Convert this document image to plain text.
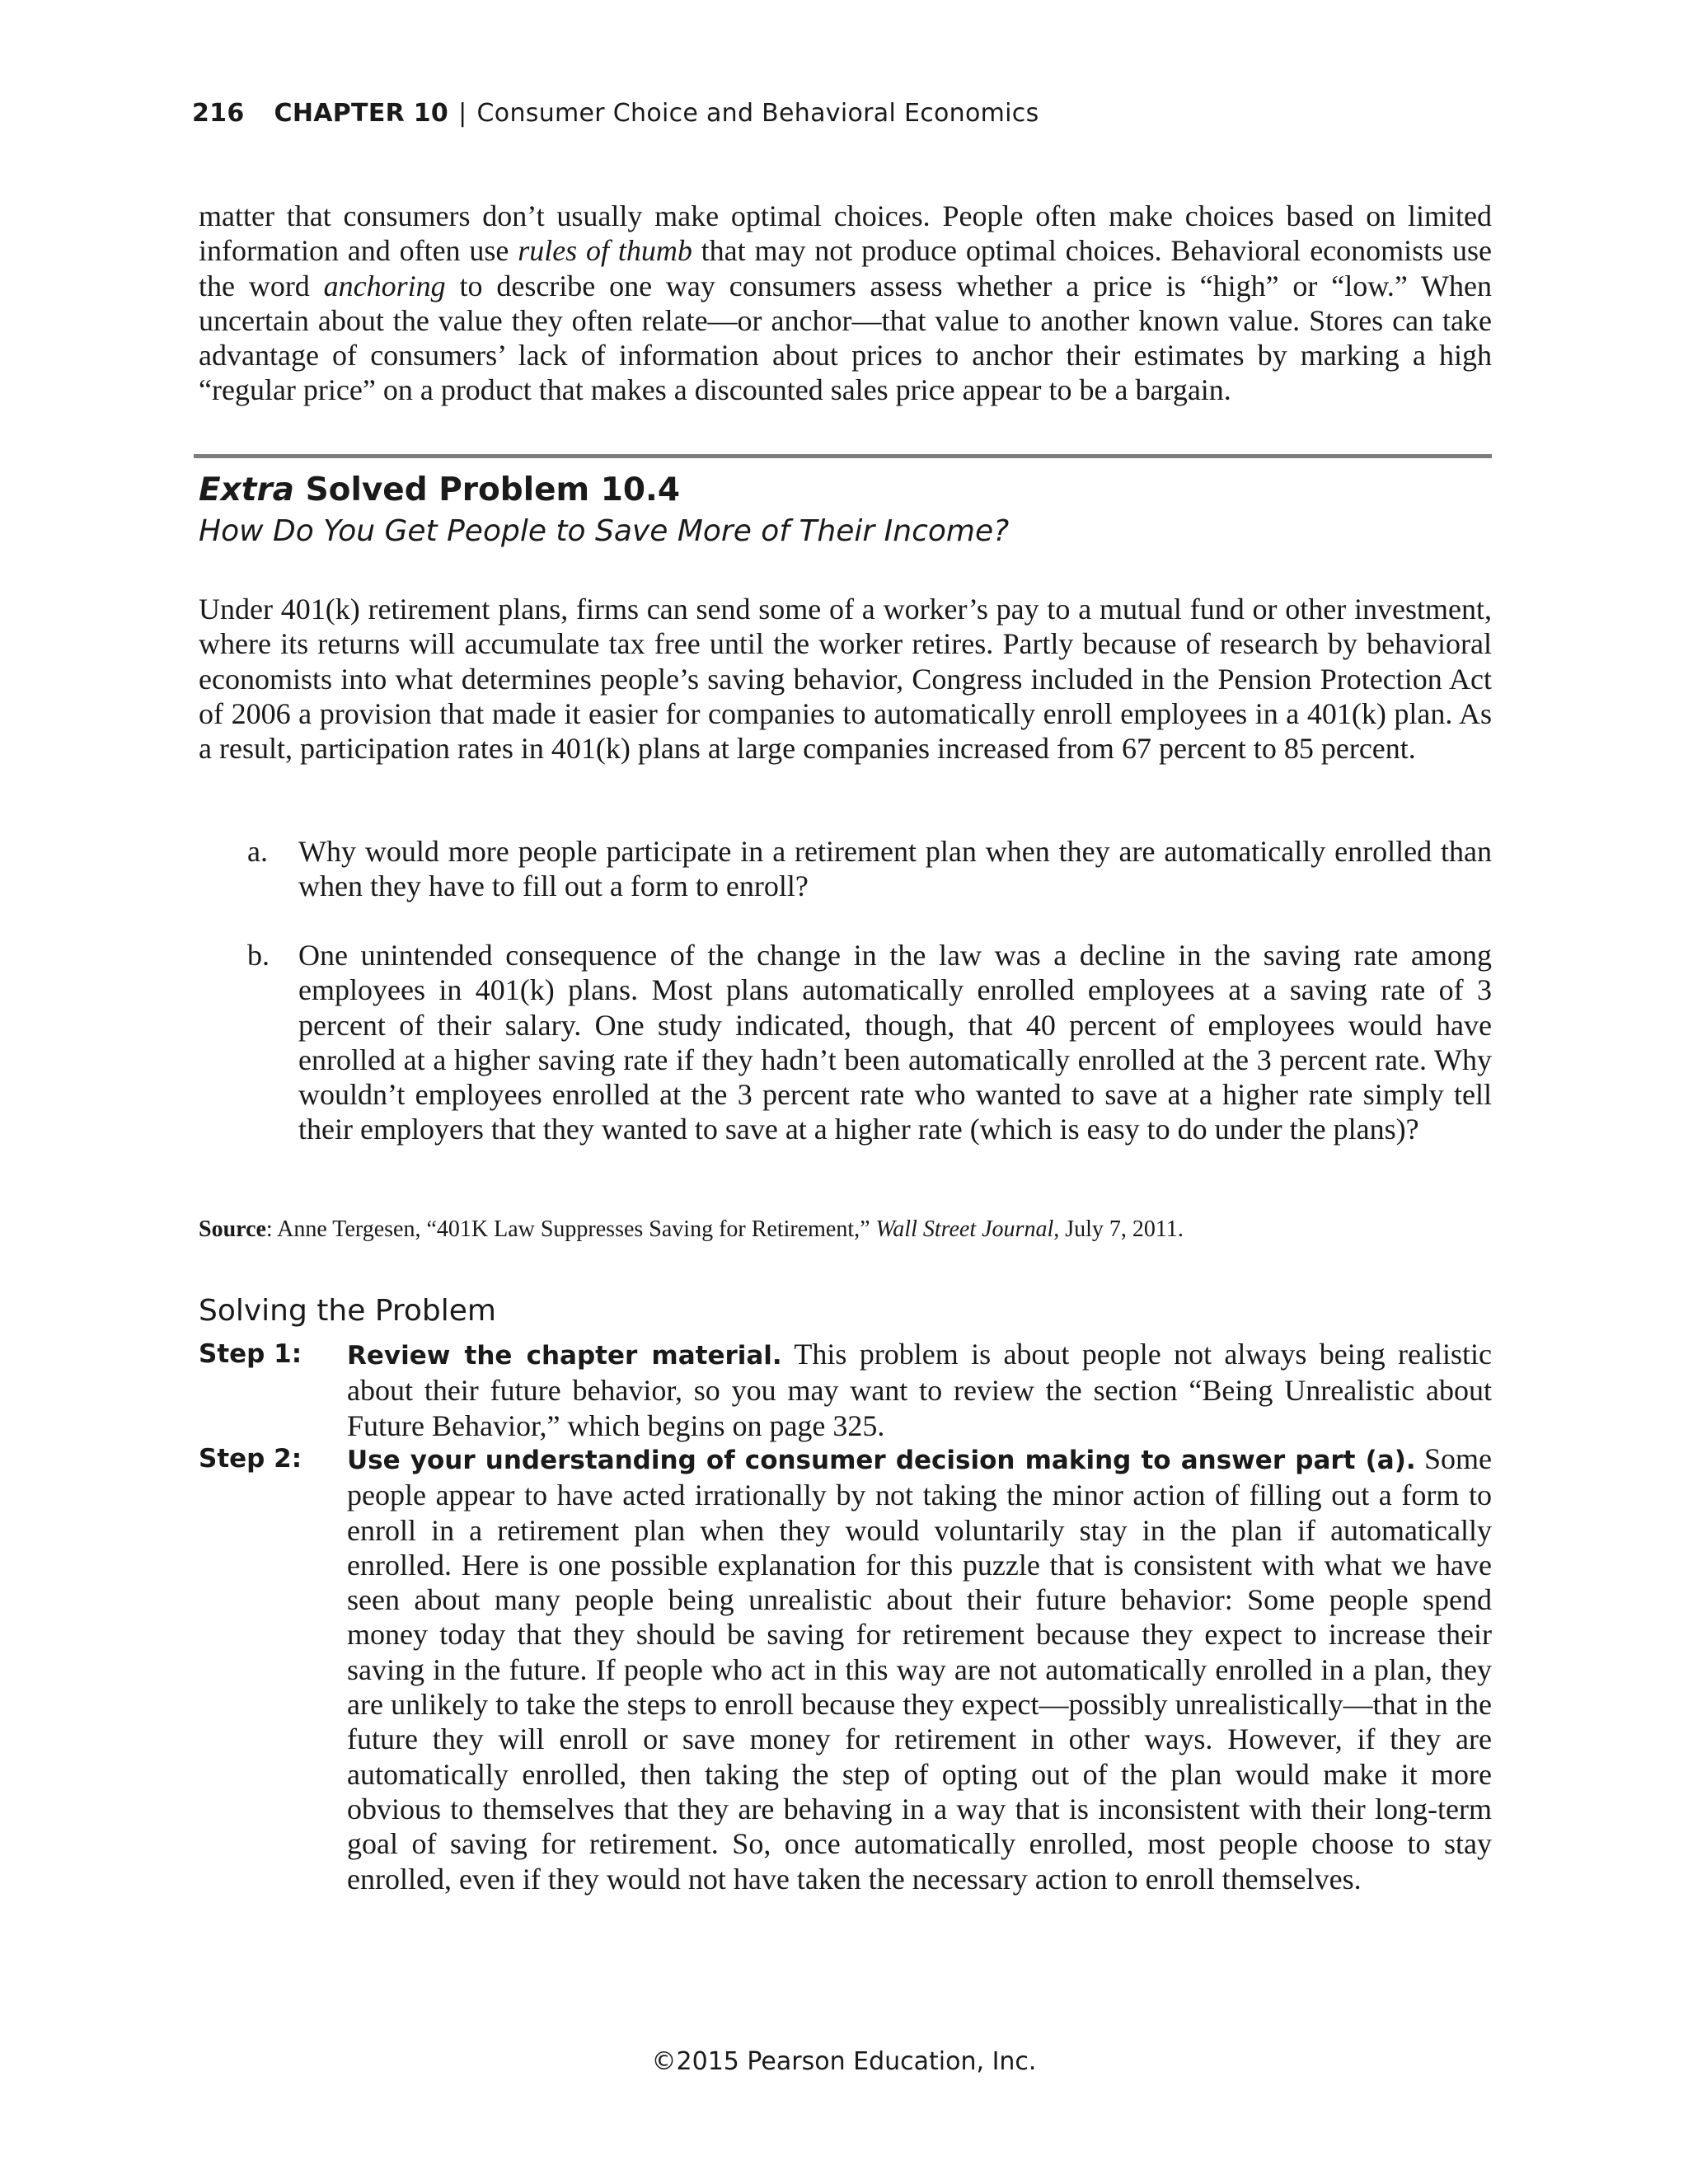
216 CHAPTER 10 | Consumer Choice and Behavioral Economics

matter that consumers don’t usually make optimal choices. People often make choices based on limited information and often use rules of thumb that may not produce optimal choices. Behavioral economists use the word anchoring to describe one way consumers assess whether a price is “high” or “low.” When uncertain about the value they often relate—or anchor—that value to another known value. Stores can take advantage of consumers’ lack of information about prices to anchor their estimates by marking a high “regular price” on a product that makes a discounted sales price appear to be a bargain.

Extra Solved Problem 10.4
How Do You Get People to Save More of Their Income?

Under 401(k) retirement plans, firms can send some of a worker’s pay to a mutual fund or other investment, where its returns will accumulate tax free until the worker retires. Partly because of research by behavioral economists into what determines people’s saving behavior, Congress included in the Pension Protection Act of 2006 a provision that made it easier for companies to automatically enroll employees in a 401(k) plan. As a result, participation rates in 401(k) plans at large companies increased from 67 percent to 85 percent.

a. Why would more people participate in a retirement plan when they are automatically enrolled than when they have to fill out a form to enroll?
b. One unintended consequence of the change in the law was a decline in the saving rate among employees in 401(k) plans. Most plans automatically enrolled employees at a saving rate of 3 percent of their salary. One study indicated, though, that 40 percent of employees would have enrolled at a higher saving rate if they hadn’t been automatically enrolled at the 3 percent rate. Why wouldn’t employees enrolled at the 3 percent rate who wanted to save at a higher rate simply tell their employers that they wanted to save at a higher rate (which is easy to do under the plans)?
Source: Anne Tergesen, “401K Law Suppresses Saving for Retirement,” Wall Street Journal, July 7, 2011.
Solving the Problem
Step 1: Review the chapter material. This problem is about people not always being realistic about their future behavior, so you may want to review the section “Being Unrealistic about Future Behavior,” which begins on page 325.
Step 2: Use your understanding of consumer decision making to answer part (a). Some people appear to have acted irrationally by not taking the minor action of filling out a form to enroll in a retirement plan when they would voluntarily stay in the plan if automatically enrolled. Here is one possible explanation for this puzzle that is consistent with what we have seen about many people being unrealistic about their future behavior: Some people spend money today that they should be saving for retirement because they expect to increase their saving in the future. If people who act in this way are not automatically enrolled in a plan, they are unlikely to take the steps to enroll because they expect—possibly unrealistically—that in the future they will enroll or save money for retirement in other ways. However, if they are automatically enrolled, then taking the step of opting out of the plan would make it more obvious to themselves that they are behaving in a way that is inconsistent with their long-term goal of saving for retirement. So, once automatically enrolled, most people choose to stay enrolled, even if they would not have taken the necessary action to enroll themselves.
©2015 Pearson Education, Inc.
